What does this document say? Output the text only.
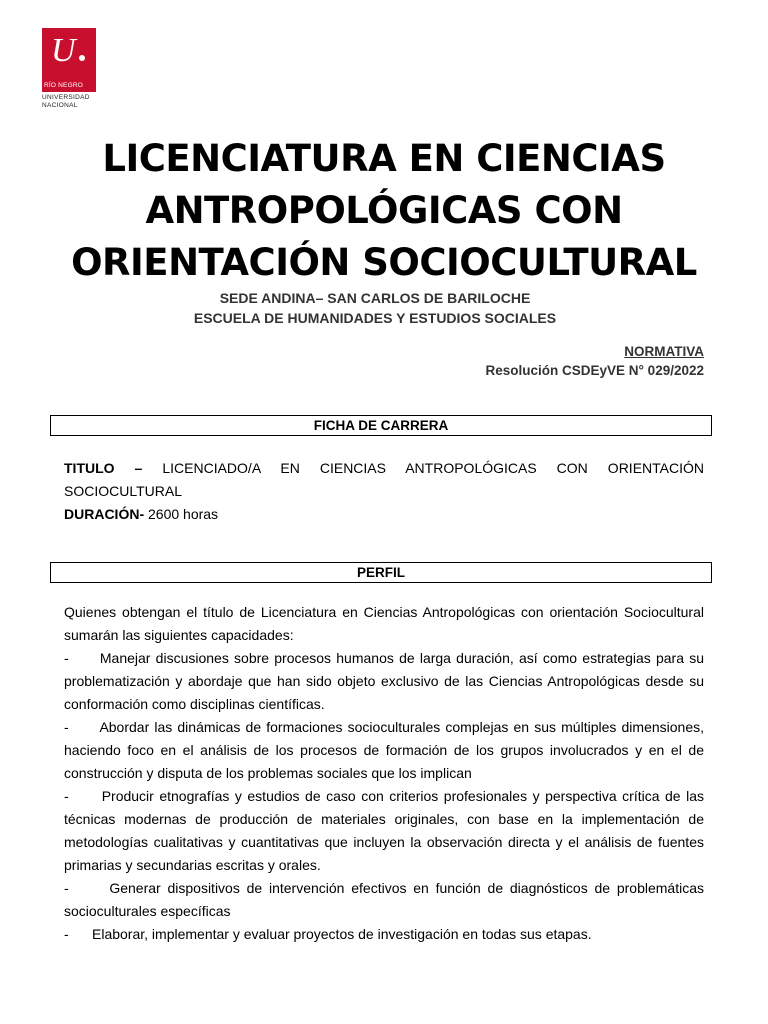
U
RÍO NEGRO
UNIVERSIDAD
NACIONAL
LICENCIATURA EN CIENCIAS
ANTROPOLÓGICAS CON
ORIENTACIÓN SOCIOCULTURAL
SEDE ANDINA– SAN CARLOS DE BARILOCHE
ESCUELA DE HUMANIDADES Y ESTUDIOS SOCIALES
NORMATIVA
Resolución CSDEyVE N° 029/2022
FICHA DE CARRERA
TITULO – LICENCIADO/A EN CIENCIAS ANTROPOLÓGICAS CON ORIENTACIÓN SOCIOCULTURAL
DURACIÓN- 2600 horas
PERFIL
Quienes obtengan el título de Licenciatura en Ciencias Antropológicas con orientación Sociocultural sumarán las siguientes capacidades:
-      Manejar discusiones sobre procesos humanos de larga duración, así como estrategias para su problematización y abordaje que han sido objeto exclusivo de las Ciencias Antropológicas desde su conformación como disciplinas científicas.
-      Abordar las dinámicas de formaciones socioculturales complejas en sus múltiples dimensiones, haciendo foco en el análisis de los procesos de formación de los grupos involucrados y en el de construcción y disputa de los problemas sociales que los implican
-      Producir etnografías y estudios de caso con criterios profesionales y perspectiva crítica de las técnicas modernas de producción de materiales originales, con base en la implementación de metodologías cualitativas y cuantitativas que incluyen la observación directa y el análisis de fuentes primarias y secundarias escritas y orales.
-      Generar dispositivos de intervención efectivos en función de diagnósticos de problemáticas socioculturales específicas
-      Elaborar, implementar y evaluar proyectos de investigación en todas sus etapas.
